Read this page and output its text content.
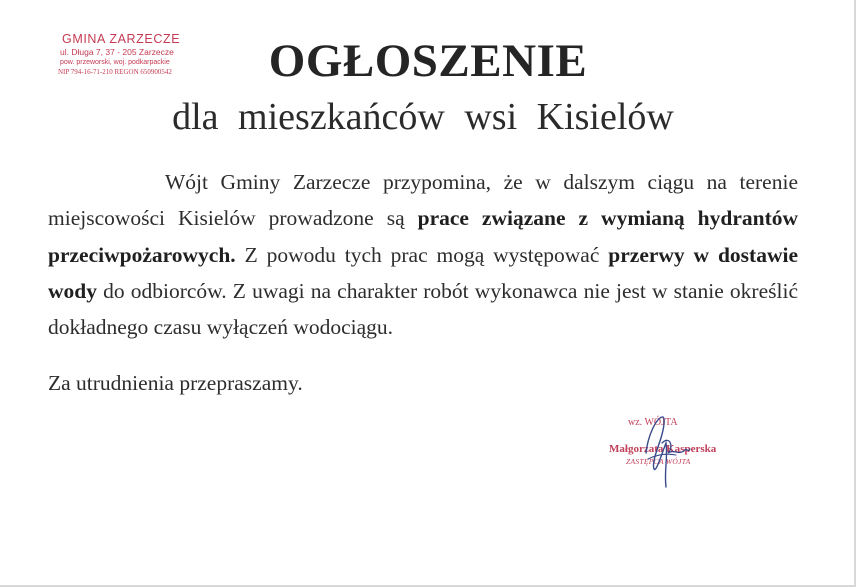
GMINA ZARZECZE
ul. Długa 7, 37 - 205 Zarzecze
pow. przeworski, woj. podkarpackie
NIP 794-16-71-210 REGON 650900542	OGŁOSZENIE
dla mieszkańców wsi Kisielów

Wójt Gminy Zarzecze przypomina, że w dalszym ciągu na terenie miejscowości Kisielów prowadzone są prace związane z wymianą hydrantów przeciwpożarowych. Z powodu tych prac mogą występować przerwy w dostawie wody do odbiorców. Z uwagi na charakter robót wykonawca nie jest w stanie określić dokładnego czasu wyłączeń wodociągu.

Za utrudnienia przepraszamy.
wz. WÓJTA
Małgorzata Kasperska
ZASTĘPCA WÓJTA
